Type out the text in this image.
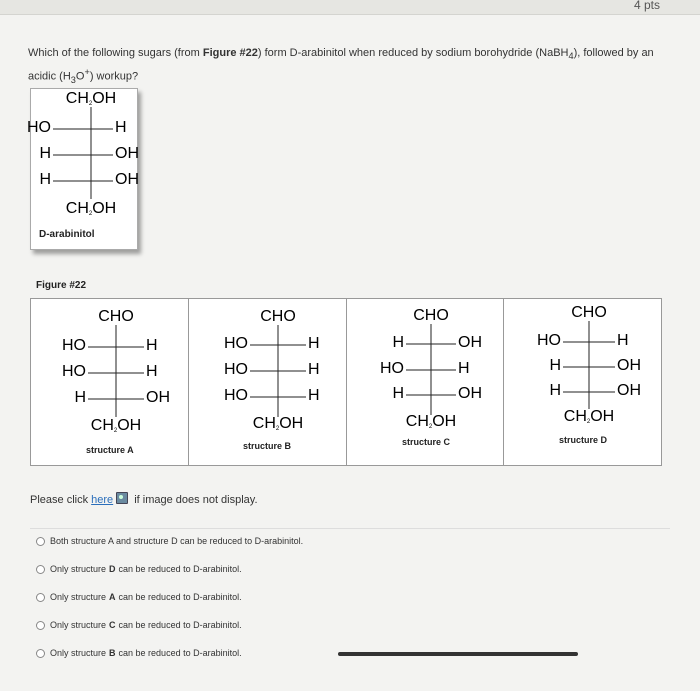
4 pts
Which of the following sugars (from Figure #22) form D-arabinitol when reduced by sodium borohydride (NaBH$_4$), followed by an acidic $(H_3O^+)$ workup?
CH2OH
HO	H
H	OH
H	OH
CH2OH
D-arabinitol
Figure #22
CHO
HO	H
HO	H
H	OH
CH2OH
structure A
CHO
HO	H
HO	H
HO	H
CH2OH
structure B
CHO
H	OH
HO	H
H	OH
CH2OH
structure C
CHO
HO	H
H	OH
H	OH
CH2OH
structure D
Please click here if image does not display.
Both structure A and structure D can be reduced to D-arabinitol.
Only structure D can be reduced to D-arabinitol.
Only structure A can be reduced to D-arabinitol.
Only structure C can be reduced to D-arabinitol.
Only structure B can be reduced to D-arabinitol.
